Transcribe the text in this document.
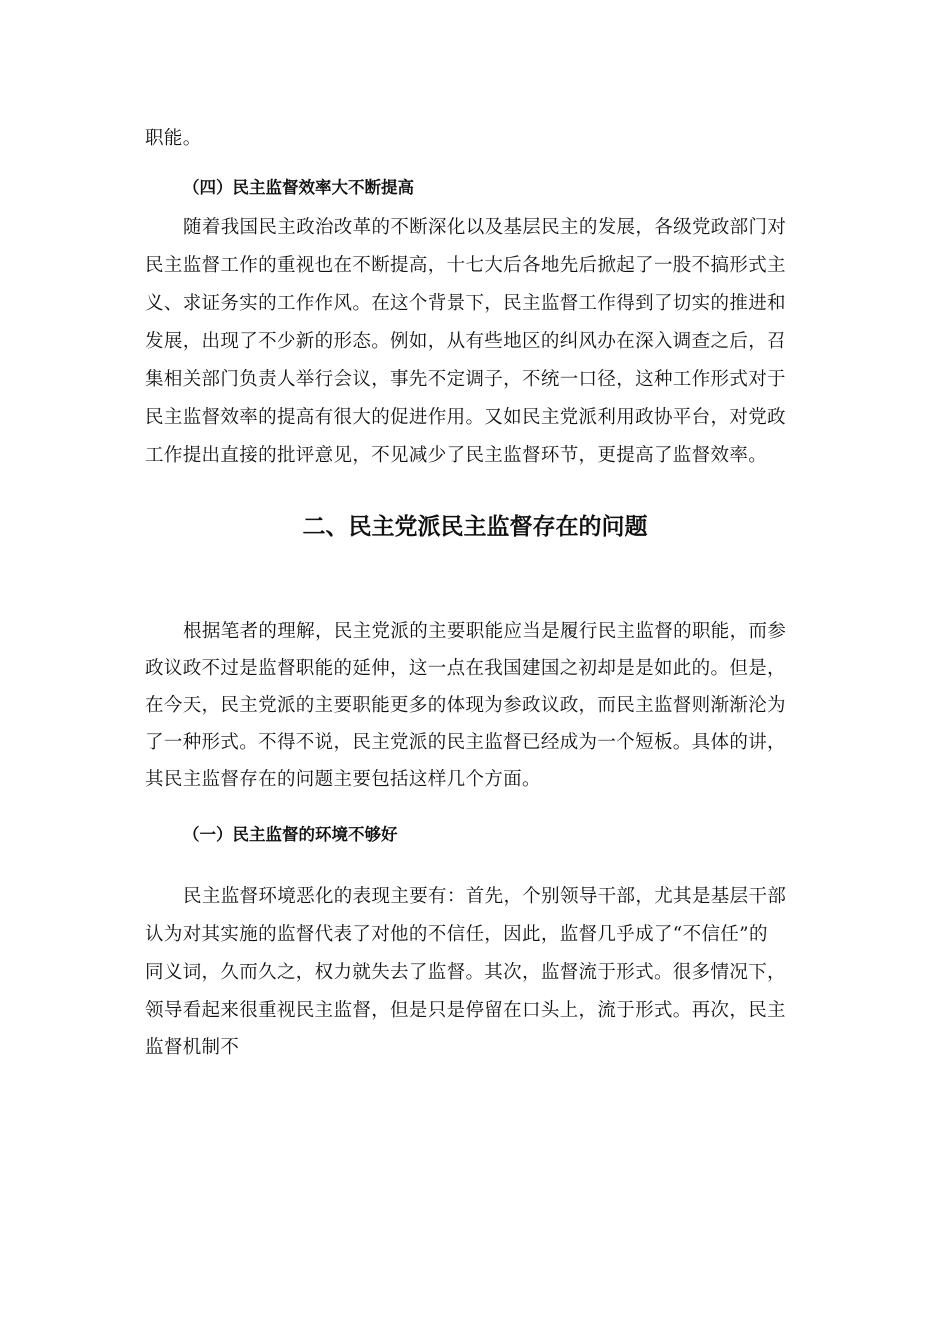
职能。
（四）民主监督效率大不断提高
随着我国民主政治改革的不断深化以及基层民主的发展，各级党政部门对
民主监督工作的重视也在不断提高，十七大后各地先后掀起了一股不搞形式主
义、求证务实的工作作风。在这个背景下，民主监督工作得到了切实的推进和
发展，出现了不少新的形态。例如，从有些地区的纠风办在深入调查之后，召
集相关部门负责人举行会议，事先不定调子，不统一口径，这种工作形式对于
民主监督效率的提高有很大的促进作用。又如民主党派利用政协平台，对党政
工作提出直接的批评意见，不见减少了民主监督环节，更提高了监督效率。
二、民主党派民主监督存在的问题
根据笔者的理解，民主党派的主要职能应当是履行民主监督的职能，而参
政议政不过是监督职能的延伸，这一点在我国建国之初却是是如此的。但是，
在今天，民主党派的主要职能更多的体现为参政议政，而民主监督则渐渐沦为
了一种形式。不得不说，民主党派的民主监督已经成为一个短板。具体的讲，
其民主监督存在的问题主要包括这样几个方面。
（一）民主监督的环境不够好
民主监督环境恶化的表现主要有：首先，个别领导干部，尤其是基层干部
认为对其实施的监督代表了对他的不信任，因此，监督几乎成了“不信任”的
同义词，久而久之，权力就失去了监督。其次，监督流于形式。很多情况下，
领导看起来很重视民主监督，但是只是停留在口头上，流于形式。再次，民主
监督机制不
